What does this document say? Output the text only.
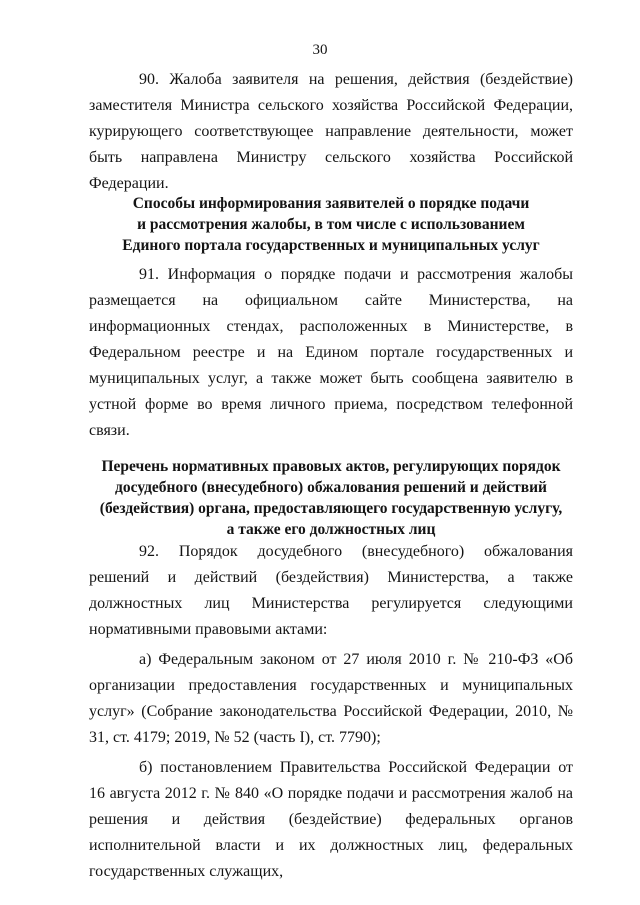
30

90. Жалоба заявителя на решения, действия (бездействие) заместителя Министра сельского хозяйства Российской Федерации, курирующего соответствующее направление деятельности, может быть направлена Министру сельского хозяйства Российской Федерации.

Способы информирования заявителей о порядке подачи
и рассмотрения жалобы, в том числе с использованием
Единого портала государственных и муниципальных услуг

91. Информация о порядке подачи и рассмотрения жалобы размещается на официальном сайте Министерства, на информационных стендах, расположенных в Министерстве, в Федеральном реестре и на Едином портале государственных и муниципальных услуг, а также может быть сообщена заявителю в устной форме во время личного приема, посредством телефонной связи.

Перечень нормативных правовых актов, регулирующих порядок
досудебного (внесудебного) обжалования решений и действий
(бездействия) органа, предоставляющего государственную услугу,
а также его должностных лиц

92. Порядок досудебного (внесудебного) обжалования решений и действий (бездействия) Министерства, а также должностных лиц Министерства регулируется следующими нормативными правовыми актами:

а) Федеральным законом от 27 июля 2010 г. № 210-ФЗ «Об организации предоставления государственных и муниципальных услуг» (Собрание законодательства Российской Федерации, 2010, № 31, ст. 4179; 2019, № 52 (часть I), ст. 7790);

б) постановлением Правительства Российской Федерации от 16 августа 2012 г. № 840 «О порядке подачи и рассмотрения жалоб на решения и действия (бездействие) федеральных органов исполнительной власти и их должностных лиц, федеральных государственных служащих,
